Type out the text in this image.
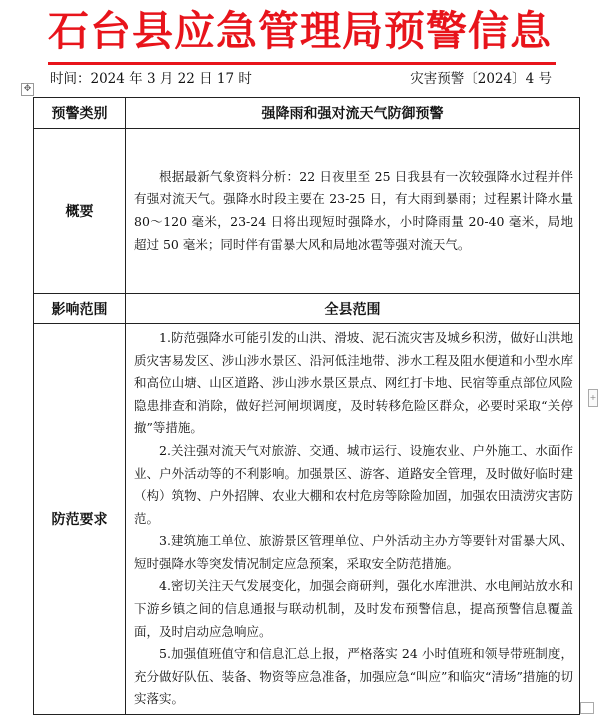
石台县应急管理局预警信息
时间：2024 年 3 月 22 日 17 时	灾害预警〔2024〕4 号
✥
预警类别	强降雨和强对流天气防御预警
概要	根据最新气象资料分析：22 日夜里至 25 日我县有一次较强降水过程并伴有强对流天气。强降水时段主要在 23-25 日，有大雨到暴雨；过程累计降水量 80～120 毫米，23-24 日将出现短时强降水，小时降雨量 20-40 毫米，局地超过 50 毫米；同时伴有雷暴大风和局地冰雹等强对流天气。

影响范围	全县范围
防范要求	1.防范强降水可能引发的山洪、滑坡、泥石流灾害及城乡积涝，做好山洪地质灾害易发区、涉山涉水景区、沿河低洼地带、涉水工程及阻水便道和小型水库和高位山塘、山区道路、涉山涉水景区景点、网红打卡地、民宿等重点部位风险隐患排查和消除，做好拦河闸坝调度，及时转移危险区群众，必要时采取“关停撤”等措施。

2.关注强对流天气对旅游、交通、城市运行、设施农业、户外施工、水面作业、户外活动等的不利影响。加强景区、游客、道路安全管理，及时做好临时建（构）筑物、户外招牌、农业大棚和农村危房等除险加固，加强农田渍涝灾害防范。

3.建筑施工单位、旅游景区管理单位、户外活动主办方等要针对雷暴大风、短时强降水等突发情况制定应急预案，采取安全防范措施。

4.密切关注天气发展变化，加强会商研判，强化水库泄洪、水电闸站放水和下游乡镇之间的信息通报与联动机制，及时发布预警信息，提高预警信息覆盖面，及时启动应急响应。

5.加强值班值守和信息汇总上报，严格落实 24 小时值班和领导带班制度，充分做好队伍、装备、物资等应急准备，加强应急“叫应”和临灾“清场”措施的切实落实。

+
